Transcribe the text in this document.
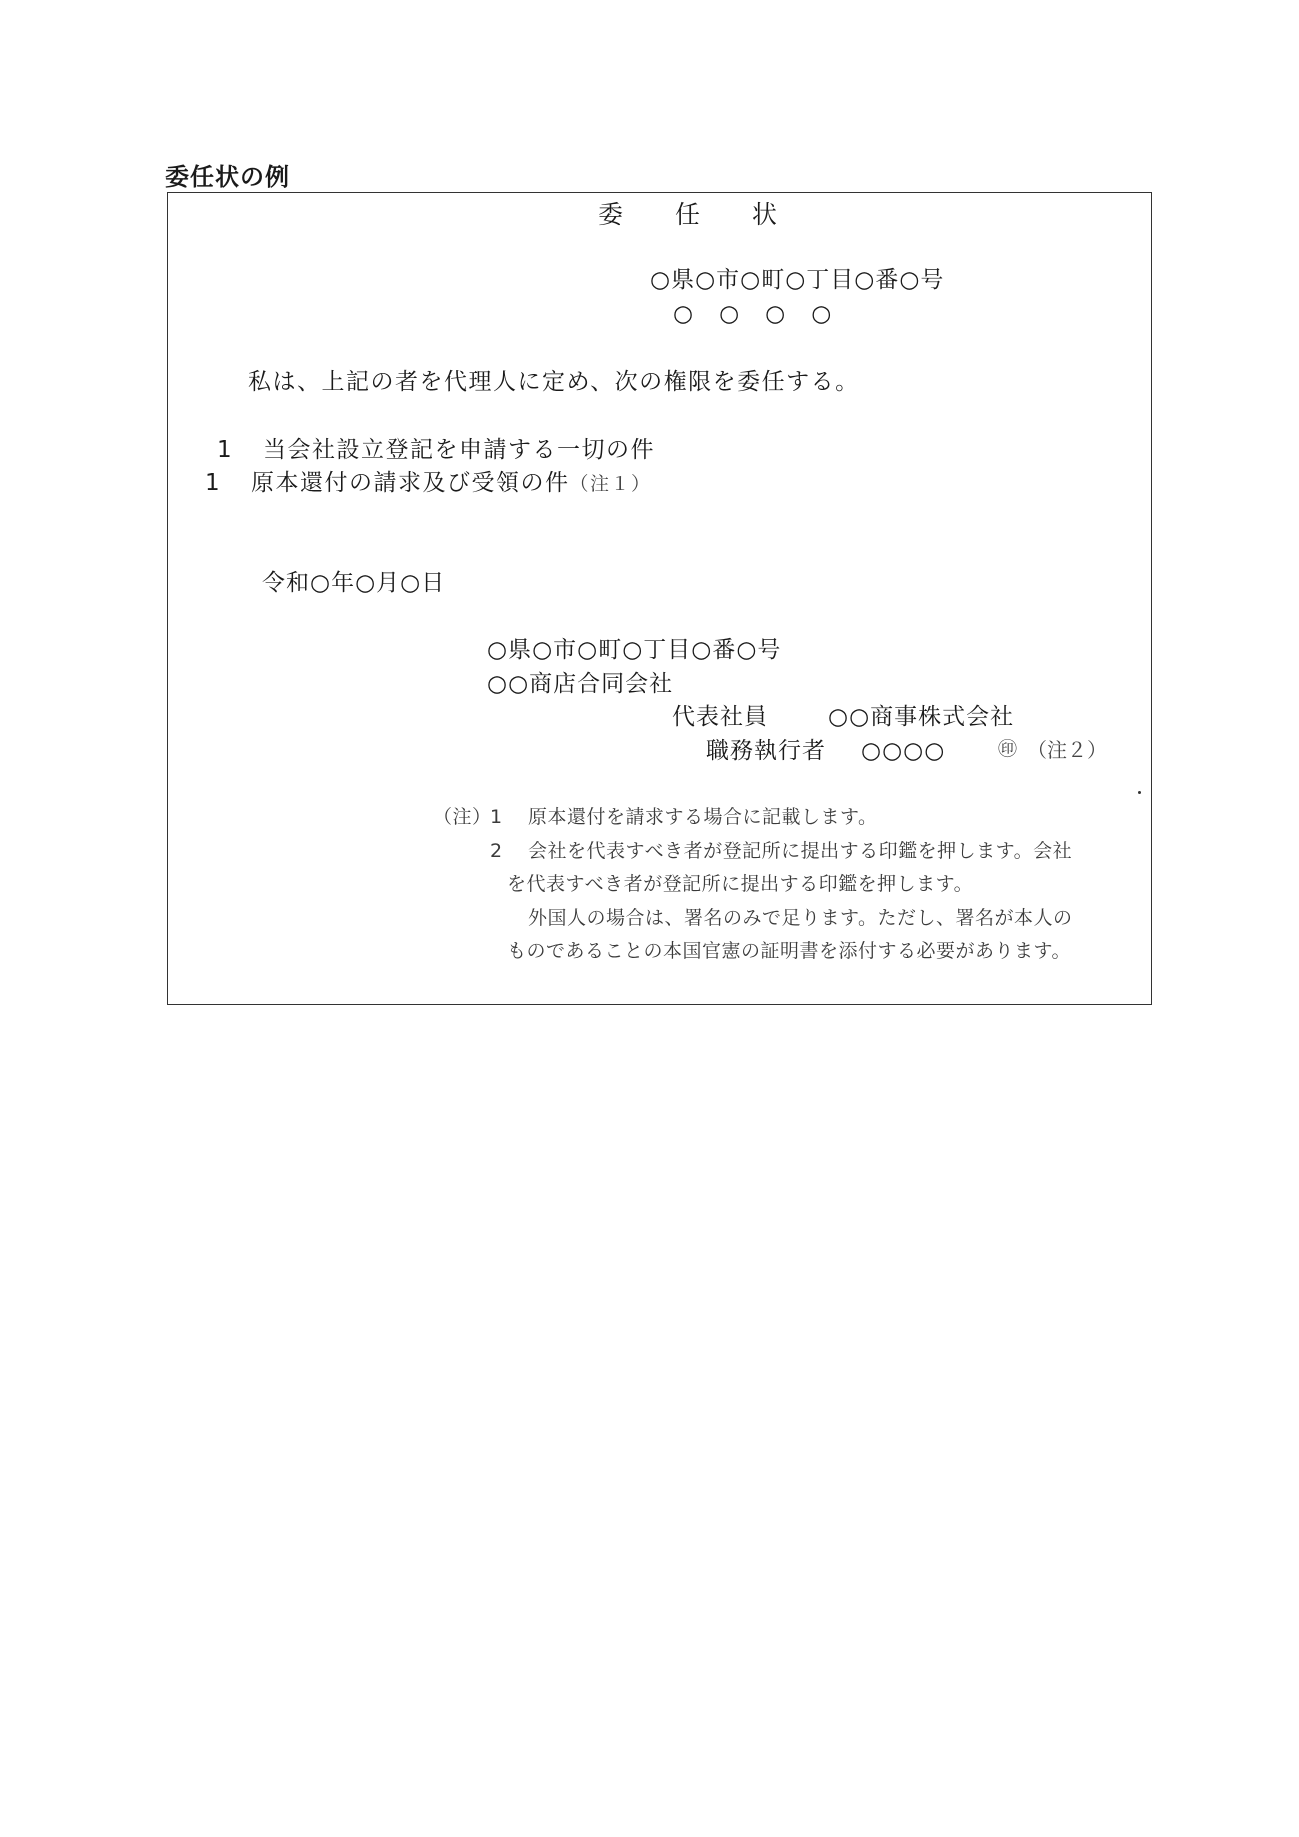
委任状の例
委 任 状
○県○市○町○丁目○番○号
○○○○
私は、上記の者を代理人に定め、次の権限を委任する。
1 当会社設立登記を申請する一切の件
1 原本還付の請求及び受領の件（注１）
令和○年○月○日
○県○市○町○丁目○番○号
○○商店合同会社
代表社員	○○商事株式会社
職務執行者 ○○○○	㊞ （注２）
（注）
1 原本還付を請求する場合に記載します。
2 会社を代表すべき者が登記所に提出する印鑑を押します。会社
を代表すべき者が登記所に提出する印鑑を押します。
外国人の場合は、署名のみで足ります。ただし、署名が本人の
ものであることの本国官憲の証明書を添付する必要があります。
